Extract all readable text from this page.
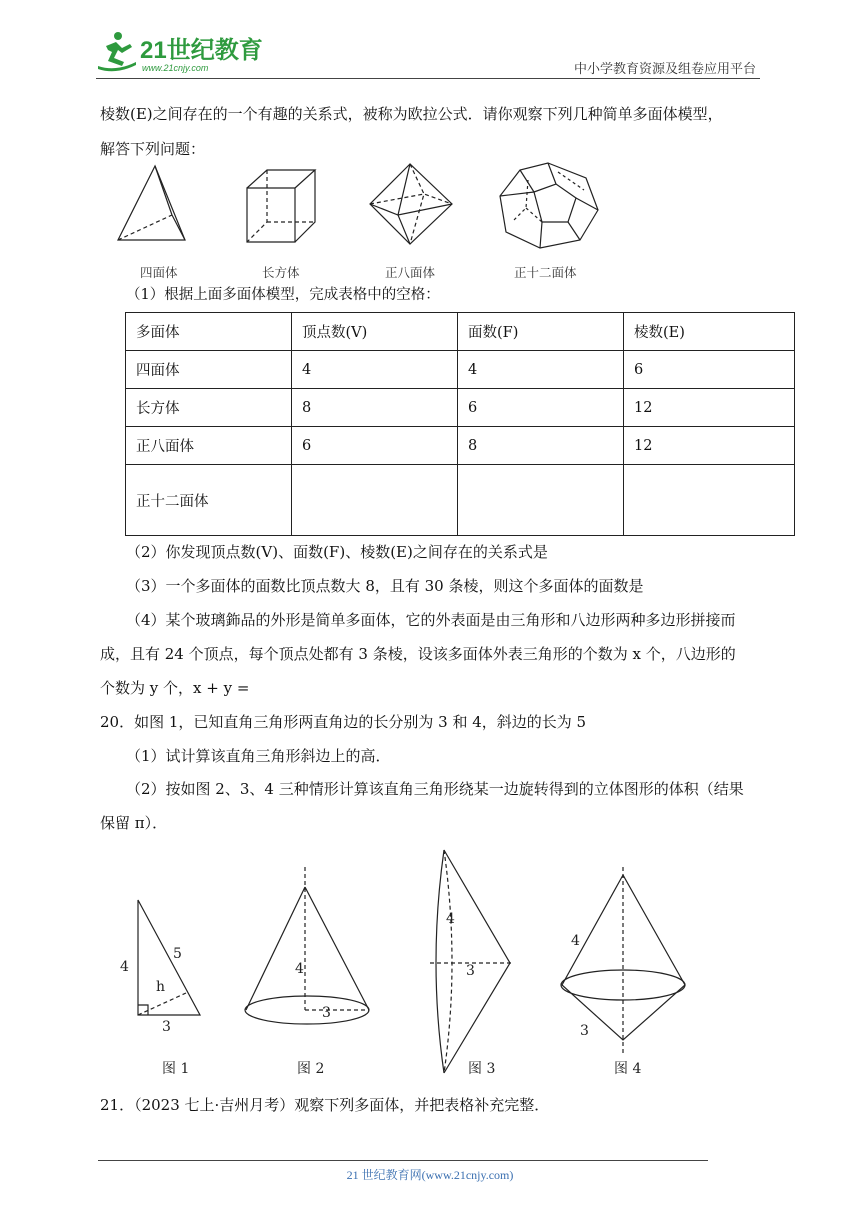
21世纪教育
www.21cnjy.com	中小学教育资源及组卷应用平台
棱数(E)之间存在的一个有趣的关系式，被称为欧拉公式．请你观察下列几种简单多面体模型，
解答下列问题：
四面体	长方体	正八面体	正十二面体
（1）根据上面多面体模型，完成表格中的空格：
多面体	顶点数(V)	面数(F)	棱数(E)
四面体	4	4	6
长方体	8	6	12
正八面体	6	8	12
正十二面体			
（2）你发现顶点数(V)、面数(F)、棱数(E)之间存在的关系式是
（3）一个多面体的面数比顶点数大 8，且有 30 条棱，则这个多面体的面数是
（4）某个玻璃鉓品的外形是简单多面体，它的外表面是由三角形和八边形两种多边形拼接而
成，且有 24 个顶点，每个顶点处都有 3 条棱，设该多面体外表三角形的个数为 x 个，八边形的
个数为 y 个，x + y =
20．如图 1，已知直角三角形两直角边的长分别为 3 和 4，斜边的长为 5
（1）试计算该直角三角形斜边上的高．
（2）按如图 2、3、4 三种情形计算该直角三角形绕某一边旋转得到的立体图形的体积（结果
保留 π）．
4
5
h
3
4
3
4
3
4
3
图 1	图 2	图 3	图 4
21．（2023 七上·吉州月考）观察下列多面体，并把表格补充完整．
21 世纪教育网(www.21cnjy.com)
